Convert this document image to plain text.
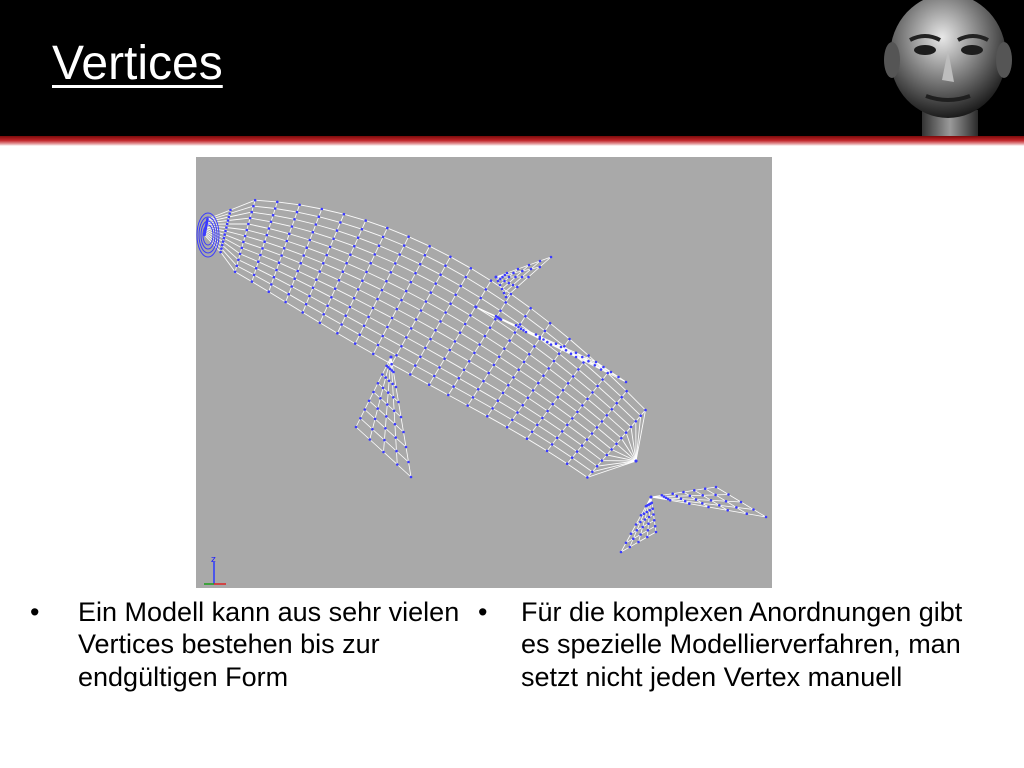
Vertices
z
•	Ein Modell kann aus sehr vielen Vertices bestehen bis zur endgültigen Form
•	Für die komplexen Anordnungen gibt es spezielle Modellierverfahren, man setzt nicht jeden Vertex manuell
